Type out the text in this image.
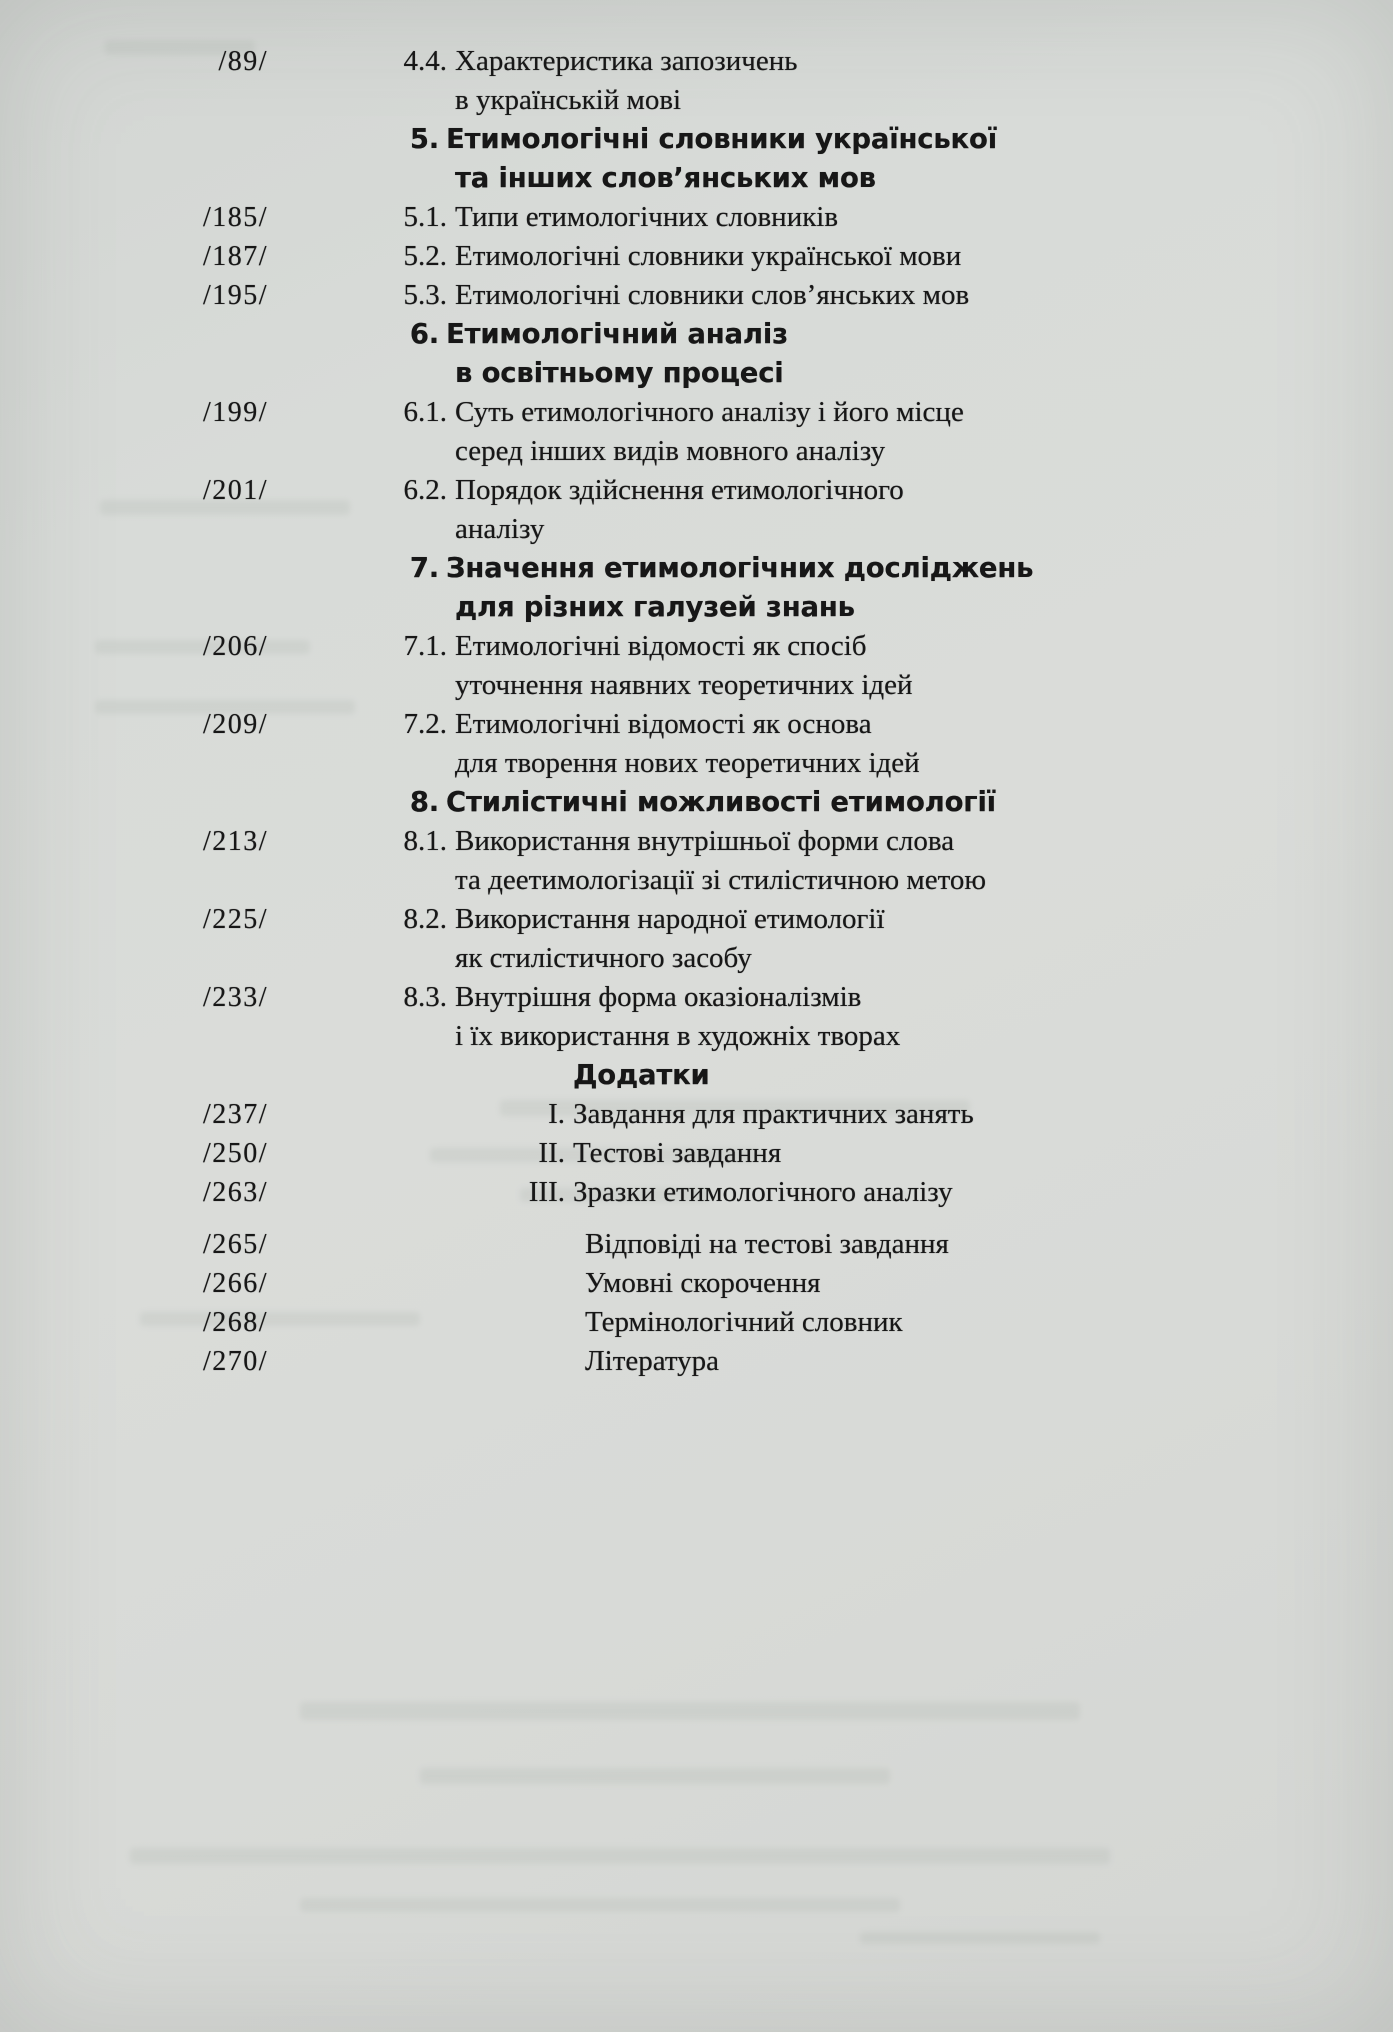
/89/	4.4. Характеристика запозичень
в українській мові
5. Етимологічні словники української
та інших слов’янських мов
/185/	5.1. Типи етимологічних словників
/187/	5.2. Етимологічні словники української мови
/195/	5.3. Етимологічні словники слов’янських мов
6. Етимологічний аналіз
в освітньому процесі
/199/	6.1. Суть етимологічного аналізу і його місце
серед інших видів мовного аналізу
/201/	6.2. Порядок здійснення етимологічного
аналізу
7. Значення етимологічних досліджень
для різних галузей знань
/206/	7.1. Етимологічні відомості як спосіб
уточнення наявних теоретичних ідей
/209/	7.2. Етимологічні відомості як основа
для творення нових теоретичних ідей
8. Стилістичні можливості етимології
/213/	8.1. Використання внутрішньої форми слова
та деетимологізації зі стилістичною метою
/225/	8.2. Використання народної етимології
як стилістичного засобу
/233/	8.3. Внутрішня форма оказіоналізмів
і їх використання в художніх творах
Додатки
/237/	I. Завдання для практичних занять
/250/	II. Тестові завдання
/263/	III. Зразки етимологічного аналізу
/265/	Відповіді на тестові завдання
/266/	Умовні скорочення
/268/	Термінологічний словник
/270/	Література
